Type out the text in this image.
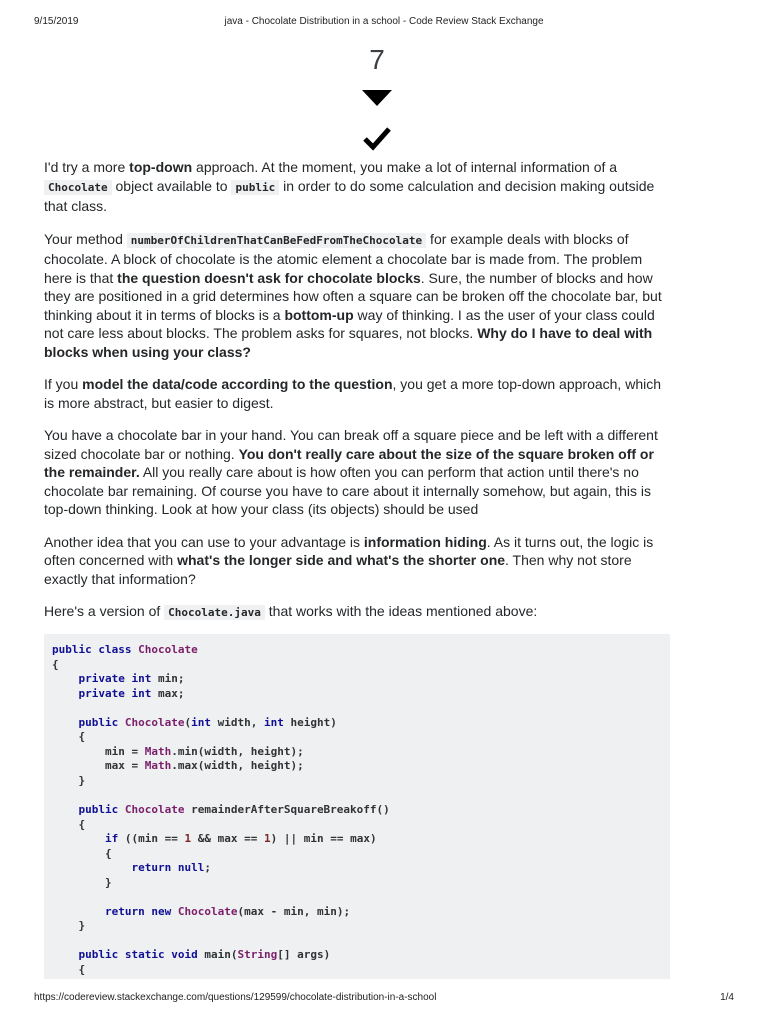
9/15/2019	java - Chocolate Distribution in a school - Code Review Stack Exchange
7

I'd try a more top-down approach. At the moment, you make a lot of internal information of a Chocolate object available to public in order to do some calculation and decision making outside that class.

Your method numberOfChildrenThatCanBeFedFromTheChocolate for example deals with blocks of chocolate. A block of chocolate is the atomic element a chocolate bar is made from. The problem here is that the question doesn't ask for chocolate blocks. Sure, the number of blocks and how they are positioned in a grid determines how often a square can be broken off the chocolate bar, but thinking about it in terms of blocks is a bottom-up way of thinking. I as the user of your class could not care less about blocks. The problem asks for squares, not blocks. Why do I have to deal with blocks when using your class?

If you model the data/code according to the question, you get a more top-down approach, which is more abstract, but easier to digest.

You have a chocolate bar in your hand. You can break off a square piece and be left with a different sized chocolate bar or nothing. You don't really care about the size of the square broken off or the remainder. All you really care about is how often you can perform that action until there's no chocolate bar remaining. Of course you have to care about it internally somehow, but again, this is top-down thinking. Look at how your class (its objects) should be used

Another idea that you can use to your advantage is information hiding. As it turns out, the logic is often concerned with what's the longer side and what's the shorter one. Then why not store exactly that information?

Here's a version of Chocolate.java that works with the ideas mentioned above:

public class Chocolate
{
private int min;
private int max;

public Chocolate(int width, int height)
{
min = Math.min(width, height);
max = Math.max(width, height);
}

public Chocolate remainderAfterSquareBreakoff()
{
if ((min == 1 && max == 1) || min == max)
{
return null;
}

return new Chocolate(max - min, min);
}

public static void main(String[] args)
{
https://codereview.stackexchange.com/questions/129599/chocolate-distribution-in-a-school	1/4
